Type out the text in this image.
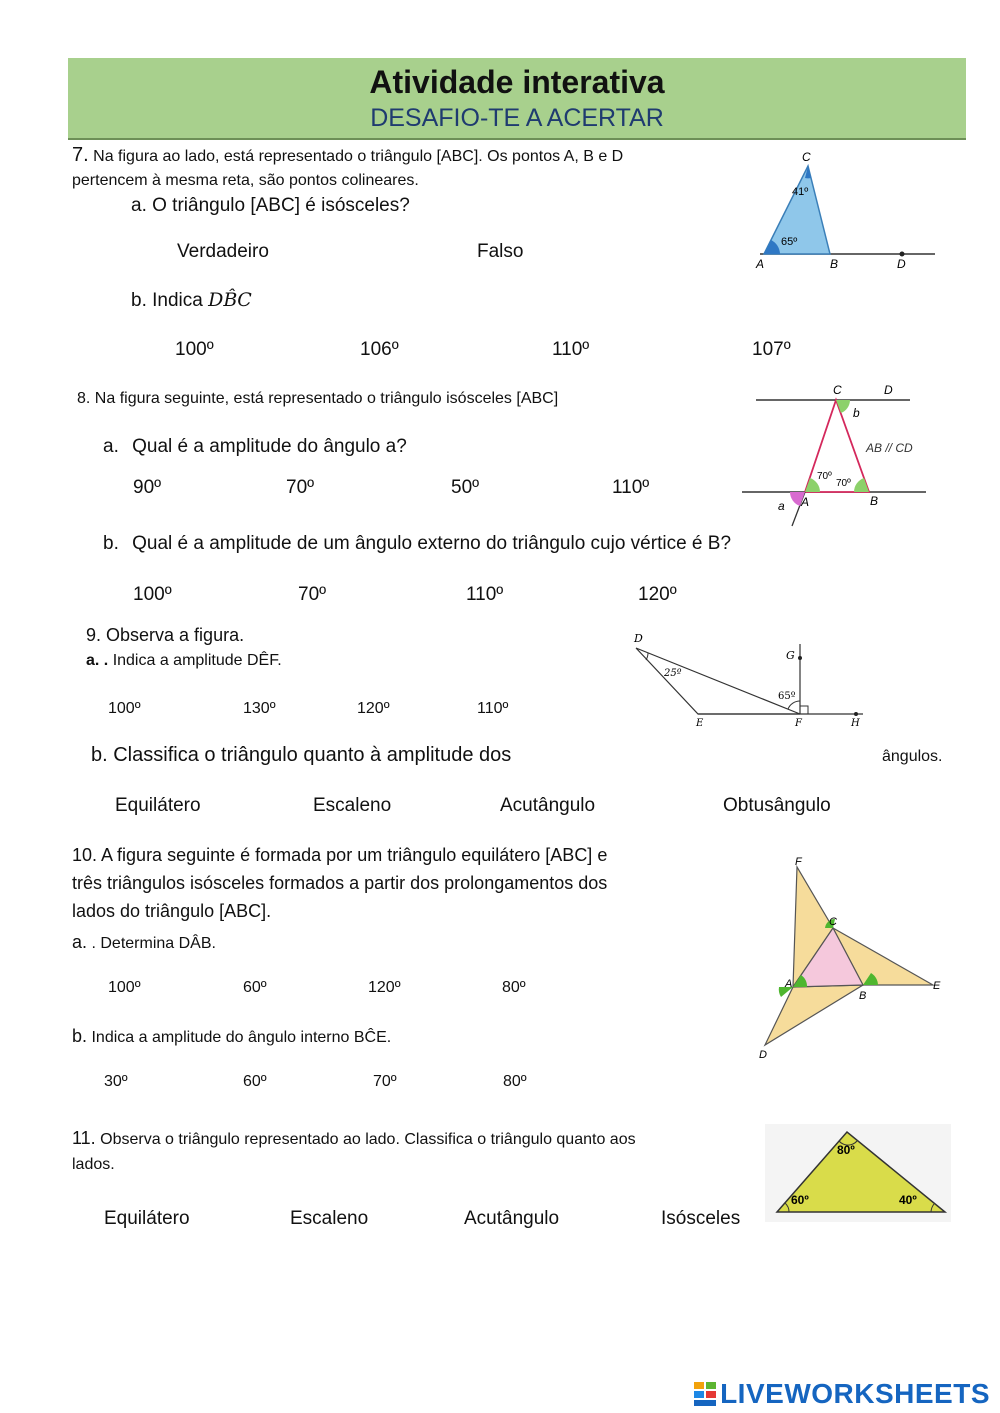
Atividade interativa
DESAFIO-TE A ACERTAR
7. Na figura ao lado, está representado o triângulo [ABC]. Os pontos A, B e D
pertencem à mesma reta, são pontos colineares.
a. O triângulo [ABC] é isósceles?
Verdadeiro	Falso
b. Indica DB̂C
100º	106º	110º	107º
C
41º
65º
A	B	D
8. Na figura seguinte, está representado o triângulo isósceles [ABC]
a. Qual é a amplitude do ângulo a?
90º	70º	50º	110º
b. Qual é a amplitude de um ângulo externo do triângulo cujo vértice é B?
100º	70º	110º	120º
C	D
b
AB // CD
70º
70º
A	B
a
9. Observa a figura.
a. . Indica a amplitude DÊF.
100º	130º	120º	110º
b. Classifica o triângulo quanto à amplitude dos	ângulos.
Equilátero	Escaleno	Acutângulo	Obtusângulo
D
G
25º
65º
E	F	H
10. A figura seguinte é formada por um triângulo equilátero [ABC] e
três triângulos isósceles formados a partir dos prolongamentos dos
lados do triângulo [ABC].
a. . Determina DÂB.
100º	60º	120º	80º
b. Indica a amplitude do ângulo interno BĈE.
30º	60º	70º	80º
F
C
A
B
E
D
11. Observa o triângulo representado ao lado. Classifica o triângulo quanto aos
lados.
Equilátero	Escaleno	Acutângulo	Isósceles
80º
60º	40º
LIVEWORKSHEETS
